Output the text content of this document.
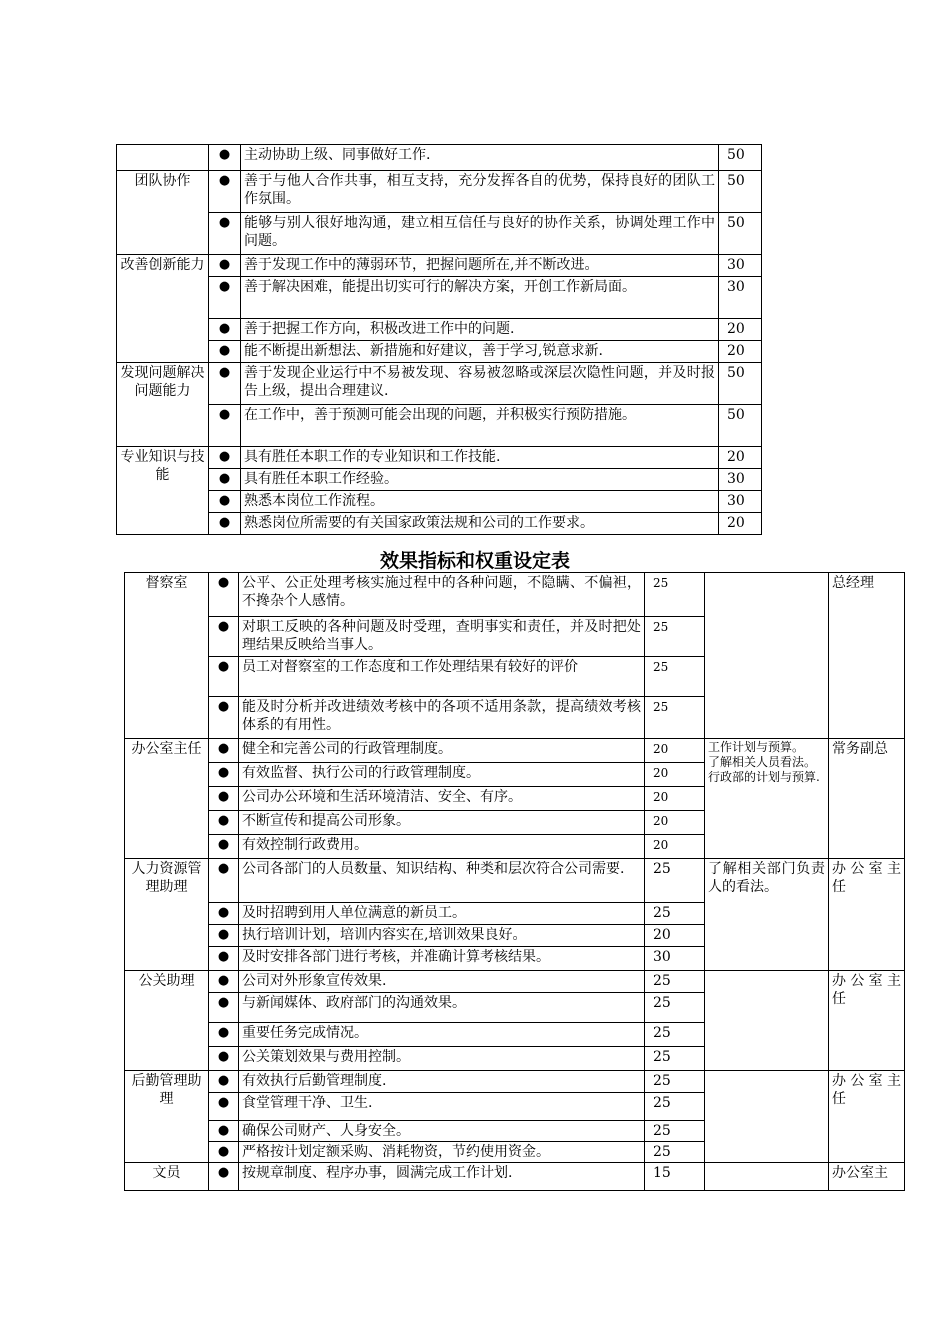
	●	主动协助上级、同事做好工作.	50
团队协作	●	善于与他人合作共事，相互支持，充分发挥各自的优势，保持良好的团队工作氛围。	50
	●	能够与别人很好地沟通，建立相互信任与良好的协作关系，协调处理工作中问题。	50
改善创新能力	●	善于发现工作中的薄弱环节，把握问题所在,并不断改进。	30
	●	善于解决困难，能提出切实可行的解决方案，开创工作新局面。	30
	●	善于把握工作方向，积极改进工作中的问题.	20
	●	能不断提出新想法、新措施和好建议，善于学习,锐意求新.	20
发现问题解决问题能力	●	善于发现企业运行中不易被发现、容易被忽略或深层次隐性问题，并及时报告上级，提出合理建议.	50
	●	在工作中，善于预测可能会出现的问题，并积极实行预防措施。	50
专业知识与技能	●	具有胜任本职工作的专业知识和工作技能.	20
	●	具有胜任本职工作经验。	30
	●	熟悉本岗位工作流程。	30
	●	熟悉岗位所需要的有关国家政策法规和公司的工作要求。	20
效果指标和权重设定表
督察室	●	公平、公正处理考核实施过程中的各种问题，不隐瞒、不偏袒，不搀杂个人感情。	25		总经理
	●	对职工反映的各种问题及时受理，查明事实和责任，并及时把处理结果反映给当事人。	25		
	●	员工对督察室的工作态度和工作处理结果有较好的评价	25		
	●	能及时分析并改进绩效考核中的各项不适用条款，提高绩效考核体系的有用性。	25		
办公室主任	●	健全和完善公司的行政管理制度。	20	工作计划与预算。
了解相关人员看法。
行政部的计划与预算.	常务副总
	●	有效监督、执行公司的行政管理制度。	20		
	●	公司办公环境和生活环境清洁、安全、有序。	20		
	●	不断宣传和提高公司形象。	20		
	●	有效控制行政费用。	20		
人力资源管理助理	●	公司各部门的人员数量、知识结构、种类和层次符合公司需要.	25	了解相关部门负责人的看法。	办公室主任
	●	及时招聘到用人单位满意的新员工。	25		
	●	执行培训计划，培训内容实在,培训效果良好。	20		
	●	及时安排各部门进行考核，并准确计算考核结果。	30		
公关助理	●	公司对外形象宣传效果.	25		办公室主任
	●	与新闻媒体、政府部门的沟通效果。	25		
	●	重要任务完成情况。	25		
	●	公关策划效果与费用控制。	25		
后勤管理助理	●	有效执行后勤管理制度.	25		办公室主任
	●	食堂管理干净、卫生.	25		
	●	确保公司财产、人身安全。	25		
	●	严格按计划定额采购、消耗物资，节约使用资金。	25		
文员	●	按规章制度、程序办事，圆满完成工作计划.	15		办公室主
